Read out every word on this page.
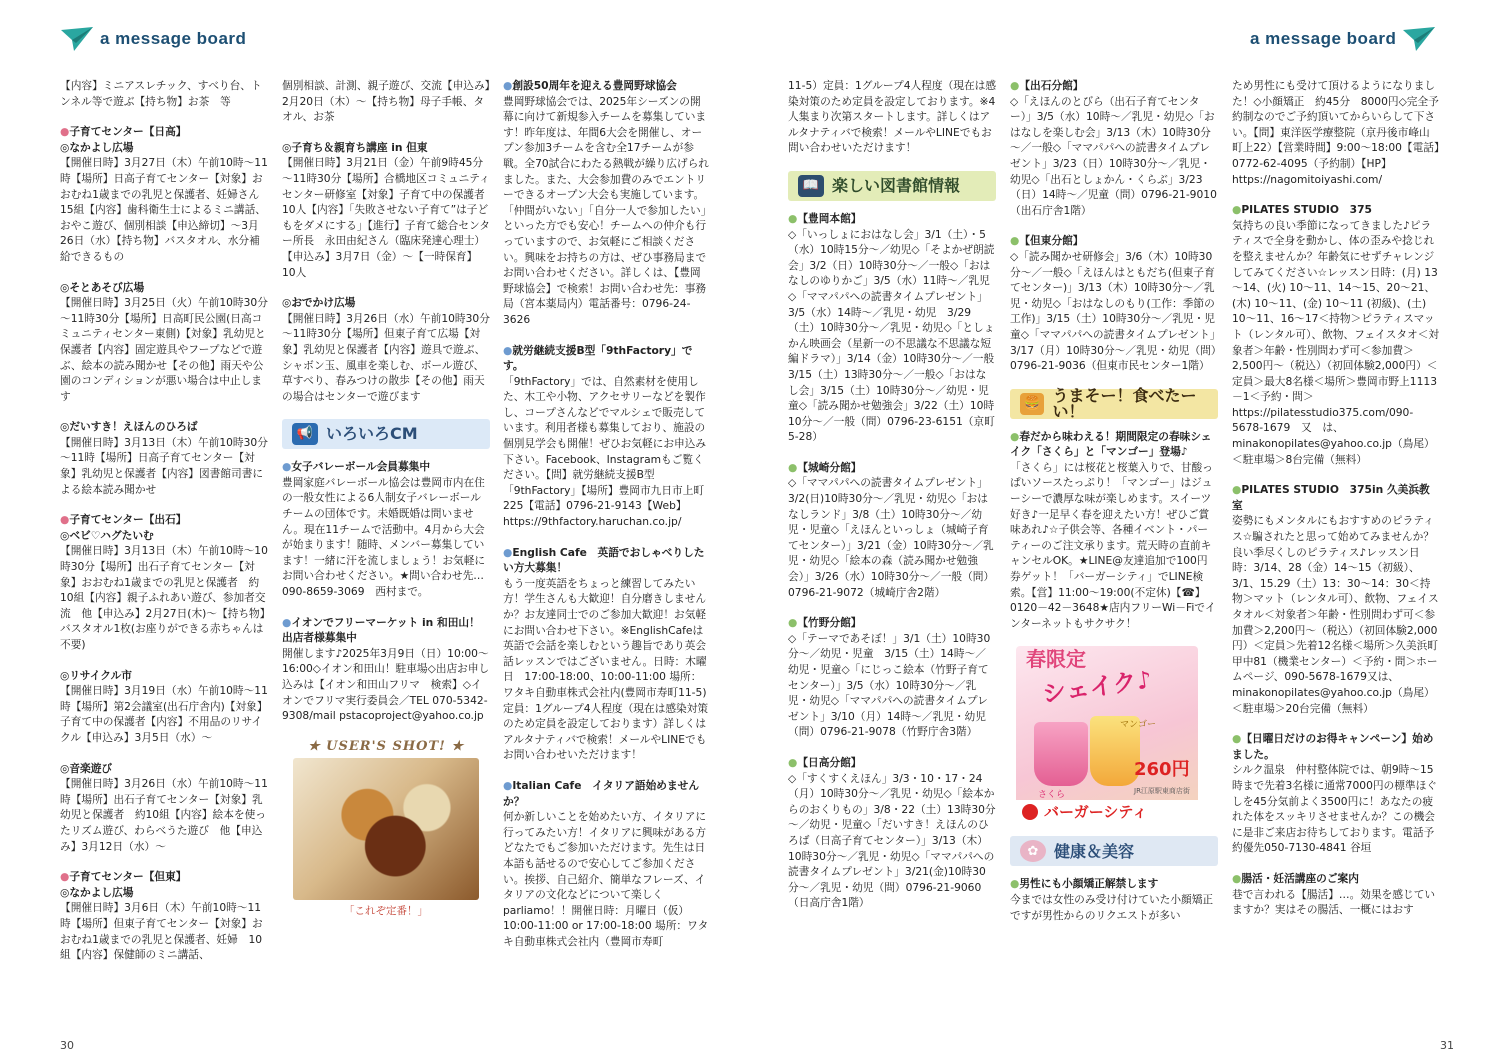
a message board

【内容】ミニアスレチック、すべり台、トンネル等で遊ぶ【持ち物】お茶　等

● 子育てセンター【日高】
◎なかよし広場
【開催日時】3月27日（木）午前10時～11時【場所】日高子育てセンター【対象】おおむね1歳までの乳児と保護者、妊婦さん　15組【内容】歯科衛生士によるミニ講話、おやこ遊び、個別相談【申込締切】～3月26日（水）【持ち物】バスタオル、水分補給できるもの
◎そとあそび広場
【開催日時】3月25日（火）午前10時30分～11時30分【場所】日高町民公園(日高コミュニティセンター東側)【対象】乳幼児と保護者【内容】固定遊具やフープなどで遊ぶ、絵本の読み聞かせ【その他】雨天や公園のコンディションが悪い場合は中止します
◎だいすき！えほんのひろば
【開催日時】3月13日（木）午前10時30分～11時【場所】日高子育てセンター【対象】乳幼児と保護者【内容】図書館司書による絵本読み聞かせ
● 子育てセンター【出石】
◎ベビ♡ハグたいむ
【開催日時】3月13日（木）午前10時～10時30分【場所】出石子育てセンター【対象】おおむね1歳までの乳児と保護者　約10組【内容】親子ふれあい遊び、参加者交流　他【申込み】2月27日(木)～【持ち物】バスタオル1枚(お座りができる赤ちゃんは不要)
◎リサイクル市
【開催日時】3月19日（水）午前10時～11時【場所】第2会議室(出石庁舎内)【対象】子育て中の保護者【内容】不用品のリサイクル【申込み】3月5日（水）～
◎音楽遊び
【開催日時】3月26日（水）午前10時～11時【場所】出石子育てセンター【対象】乳幼児と保護者　約10組【内容】絵本を使ったリズム遊び、わらべうた遊び　他【申込み】3月12日（水）～
● 子育てセンター【但東】
◎なかよし広場
【開催日時】3月6日（木）午前10時～11時【場所】但東子育てセンター【対象】おおむね1歳までの乳児と保護者、妊婦　10組【内容】保健師のミニ講話、

個別相談、計測、親子遊び、交流【申込み】2月20日（木）～【持ち物】母子手帳、タオル、お茶

◎子育ち＆親育ち講座 in 但東
【開催日時】3月21日（金）午前9時45分～11時30分【場所】合橋地区コミュニティセンター研修室【対象】子育て中の保護者　10人【内容】「失敗させない子育て”は子どもをダメにする」【進行】子育て総合センター所長　永田由紀さん（臨床発達心理士）【申込み】3月7日（金）～【一時保育】10人
◎おでかけ広場
【開催日時】3月26日（水）午前10時30分～11時30分【場所】但東子育て広場【対象】乳幼児と保護者【内容】遊具で遊ぶ、シャボン玉、風車を楽しむ、ボール遊び、草すべり、春みつけの散歩【その他】雨天の場合はセンターで遊びます
📢 いろいろCM
● 女子バレーボール会員募集中
豊岡家庭バレーボール協会は豊岡市内在住の一般女性による6人制女子バレーボールチームの団体です。未婚既婚は問いません。現在11チームで活動中。4月から大会が始まります！随時、メンバー募集しています！一緒に汗を流しましょう！お気軽にお問い合わせください。★問い合わせ先…090-8659-3069　西村まで。
● イオンでフリーマーケット in 和田山！出店者様募集中
開催します♪2025年3月9日（日）10:00～16:00◇イオン和田山！駐車場◇出店お申し込みは【イオン和田山フリマ　検索】◇イオンでフリマ実行委員会／TEL 070-5342-9308/mail pstacoproject@yahoo.co.jp
★ USER'S SHOT! ★
「これぞ定番！」
● 創設50周年を迎える豊岡野球協会
豊岡野球協会では、2025年シーズンの開幕に向けて新規参入チームを募集しています！昨年度は、年間6大会を開催し、オープン参加3チームを含む全17チームが参戦。全70試合にわたる熱戦が繰り広げられました。また、大会参加費のみでエントリーできるオープン大会も実施しています。「仲間がいない」「自分一人で参加したい」といった方でも安心！チームへの仲介も行っていますので、お気軽にご相談ください。興味をお持ちの方は、ぜひ事務局までお問い合わせください。詳しくは、【豊岡野球協会】で検索！お問い合わせ先：事務局（宮本薬局内）電話番号：0796-24-3626
● 就労継続支援B型「9thFactory」です。
「9thFactory」では、自然素材を使用した、木工や小物、アクセサリーなどを製作し、コープさんなどでマルシェで販売しています。利用者様も募集しており、施設の個別見学会も開催！ぜひお気軽にお申込み下さい。Facebook、Instagramもご覧ください。【問】就労継続支援B型「9thFactory」【場所】豊岡市九日市上町225【電話】0796-21-9143【Web】https://9thfactory.haruchan.co.jp/
● English Cafe　英語でおしゃべりしたい方大募集！
もう一度英語をちょっと練習してみたい方！学生さんも大歓迎！自分磨きしませんか？お友達同士でのご参加大歓迎！お気軽にお問い合わせ下さい。※EnglishCafeは英語で会話を楽しむという趣旨であり英会話レッスンではございません。日時：木曜日　17:00-18:00、10:00-11:00 場所：ワタキ自動車株式会社内(豊岡市寿町11-5)定員：1グループ4人程度（現在は感染対策のため定員を設定しております）詳しくはアルタナティバで検索！メールやLINEでもお問い合わせいただけます！
● Italian Cafe　イタリア語始めませんか？
何か新しいことを始めたい方、イタリアに行ってみたい方！イタリアに興味がある方どなたでもご参加いただけます。先生は日本語も話せるので安心してご参加ください。挨拶、自己紹介、簡単なフレーズ、イタリアの文化などについて楽しくparliamo！！開催日時：月曜日（仮）10:00-11:00 or 17:00-18:00 場所：ワタキ自動車株式会社内（豊岡市寿町
30
a message board

11-5）定員：1グループ4人程度（現在は感染対策のため定員を設定しております。※4人集まり次第スタートします。詳しくはアルタナティバで検索！メールやLINEでもお問い合わせいただけます！

📖 楽しい図書館情報
● 【豊岡本館】
◇「いっしょにおはなし会」3/1（土）・5（水）10時15分～／幼児◇「そよかぜ朗読会」3/2（日）10時30分～／一般◇「おはなしのゆりかご」3/5（水）11時～／乳児◇「ママパパへの読書タイムプレゼント」3/5（水）14時～／乳児・幼児　3/29（土）10時30分～／乳児・幼児◇「としょかん映画会（星新一の不思議な不思議な短編ドラマ）」3/14（金）10時30分～／一般　3/15（土）13時30分～／一般◇「おはなし会」3/15（土）10時30分～／幼児・児童◇「読み聞かせ勉強会」3/22（土）10時10分～／一般（問）0796-23-6151（京町5-28）
● 【城崎分館】
◇「ママパパへの読書タイムプレゼント」3/2(日)10時30分～／乳児・幼児◇「おはなしランド」3/8（土）10時30分～／幼児・児童◇「えほんといっしょ（城崎子育てセンター）」3/21（金）10時30分～／乳児・幼児◇「絵本の森（読み聞かせ勉強会）」3/26（水）10時30分～／一般（問）0796-21-9072（城崎庁舎2階）
● 【竹野分館】
◇「テーマであそぼ！」3/1（土）10時30分～／幼児・児童　3/15（土）14時～／幼児・児童◇「にじっこ絵本（竹野子育てセンター）」3/5（水）10時30分～／乳児・幼児◇「ママパパへの読書タイムプレゼント」3/10（月）14時～／乳児・幼児（問）0796-21-9078（竹野庁舎3階）
● 【日高分館】
◇「すくすくえほん」3/3・10・17・24（月）10時30分～／乳児・幼児◇「絵本からのおくりもの」3/8・22（土）13時30分～／幼児・児童◇「だいすき！えほんのひろば（日高子育てセンター）」3/13（木）10時30分～／乳児・幼児◇「ママパパへの読書タイムプレゼント」3/21(金)10時30分～／乳児・幼児（問）0796-21-9060（日高庁舎1階）
● 【出石分館】
◇「えほんのとびら（出石子育てセンター）」3/5（水）10時～／乳児・幼児◇「おはなしを楽しむ会」3/13（木）10時30分～／一般◇「ママパパへの読書タイムプレゼント」3/23（日）10時30分～／乳児・幼児◇「出石としょかん・くらぶ」3/23（日）14時～／児童（問）0796-21-9010（出石庁舎1階）
● 【但東分館】
◇「読み聞かせ研修会」3/6（木）10時30分～／一般◇「えほんはともだち(但東子育てセンター)」3/13（木）10時30分～／乳児・幼児◇「おはなしのもり(工作：季節の工作)」3/15（土）10時30分～／乳児・児童◇「ママパパへの読書タイムプレゼント」3/17（月）10時30分～／乳児・幼児（問）0796-21-9036（但東市民センター1階）
🍔 うまそー！食べたーい！
● 春だから味わえる！期間限定の春味シェイク「さくら」と「マンゴー」登場♪
「さくら」には桜花と桜葉入りで、甘酸っぱいソースたっぷり！「マンゴー」はジューシーで濃厚な味が楽しめます。スイーツ好き♪一足早く春を迎えたい方！ぜひご賞味あれ♪☆子供会等、各種イベント・パーティーのご注文承ります。荒天時の直前キャンセルOK。★LINE@友達追加で100円券ゲット！「バーガーシティ」でLINE検索。【営】11:00～19:00(不定休)【☎】0120－42－3648★店内フリーWi－Fiでインターネットもサクサク！
春限定
シェイク♪
さくら
マンゴー
260円
JR江原駅東商店街
バーガーシティ
✿ 健康＆美容
● 男性にも小顔矯正解禁します
今までは女性のみ受け付けていた小顔矯正ですが男性からのリクエストが多い

ため男性にも受けて頂けるようになりました！◇小顔矯正　約45分　8000円◇完全予約制なのでご予約頂いてからいらして下さい。【問】東洋医学療整院（京丹後市峰山町上22）【営業時間】9:00～18:00【電話】0772-62-4095（予約制）【HP】https://nagomitoiyashi.com/

● PILATES STUDIO　375
気持ちの良い季節になってきました♪ピラティスで全身を動かし、体の歪みや捻じれを整えませんか？年齢気にせずチャレンジしてみてください☆レッスン日時：(月) 13～14、(火) 10～11、14～15、20～21、(木) 10～11、(金) 10～11 (初級)、(土) 10～11、16～17＜持物＞ピラティスマット（レンタル可）、飲物、フェイスタオ＜対象者＞年齢・性別問わず可＜参加費＞2,500円～（税込）（初回体験2,000円）＜定員＞最大8名様＜場所＞豊岡市野上1113－1＜予約・問＞https://pilatesstudio375.com/090-5678-1679　又　は、minakonopilates@yahoo.co.jp（鳥尾）＜駐車場＞8台完備（無料）
● PILATES STUDIO　375in 久美浜教室
姿勢にもメンタルにもおすすめのピラティス☆騙されたと思って始めてみませんか？良い季尽くしのピラティス♪レッスン日時：3/14、28（金）14～15（初級）、3/1、15.29（土）13：30～14：30＜持物＞マット（レンタル可）、飲物、フェイスタオル＜対象者＞年齢・性別問わず可＜参加費＞2,200円～（税込）（初回体験2,000円）＜定員＞先着12名様＜場所＞久美浜町甲中81（機業センター）＜予約・問＞ホームページ、090-5678-1679又は、minakonopilates@yahoo.co.jp（鳥尾）＜駐車場＞20台完備（無料）
● 【日曜日だけのお得キャンペーン】始めました。
シルク温泉　仲村整体院では、朝9時～15時まで先着3名様に通常7000円の標準ほぐしを45分気前よく3500円に！あなたの疲れた体をスッキリさせませんか？この機会に是非ご来店お待ちしております。電話予約優先050-7130-4841 谷垣
● 腸活・妊活講座のご案内
巷で言われる【腸活】…。効果を感じていますか？実はその腸活、一概にはおす
31
